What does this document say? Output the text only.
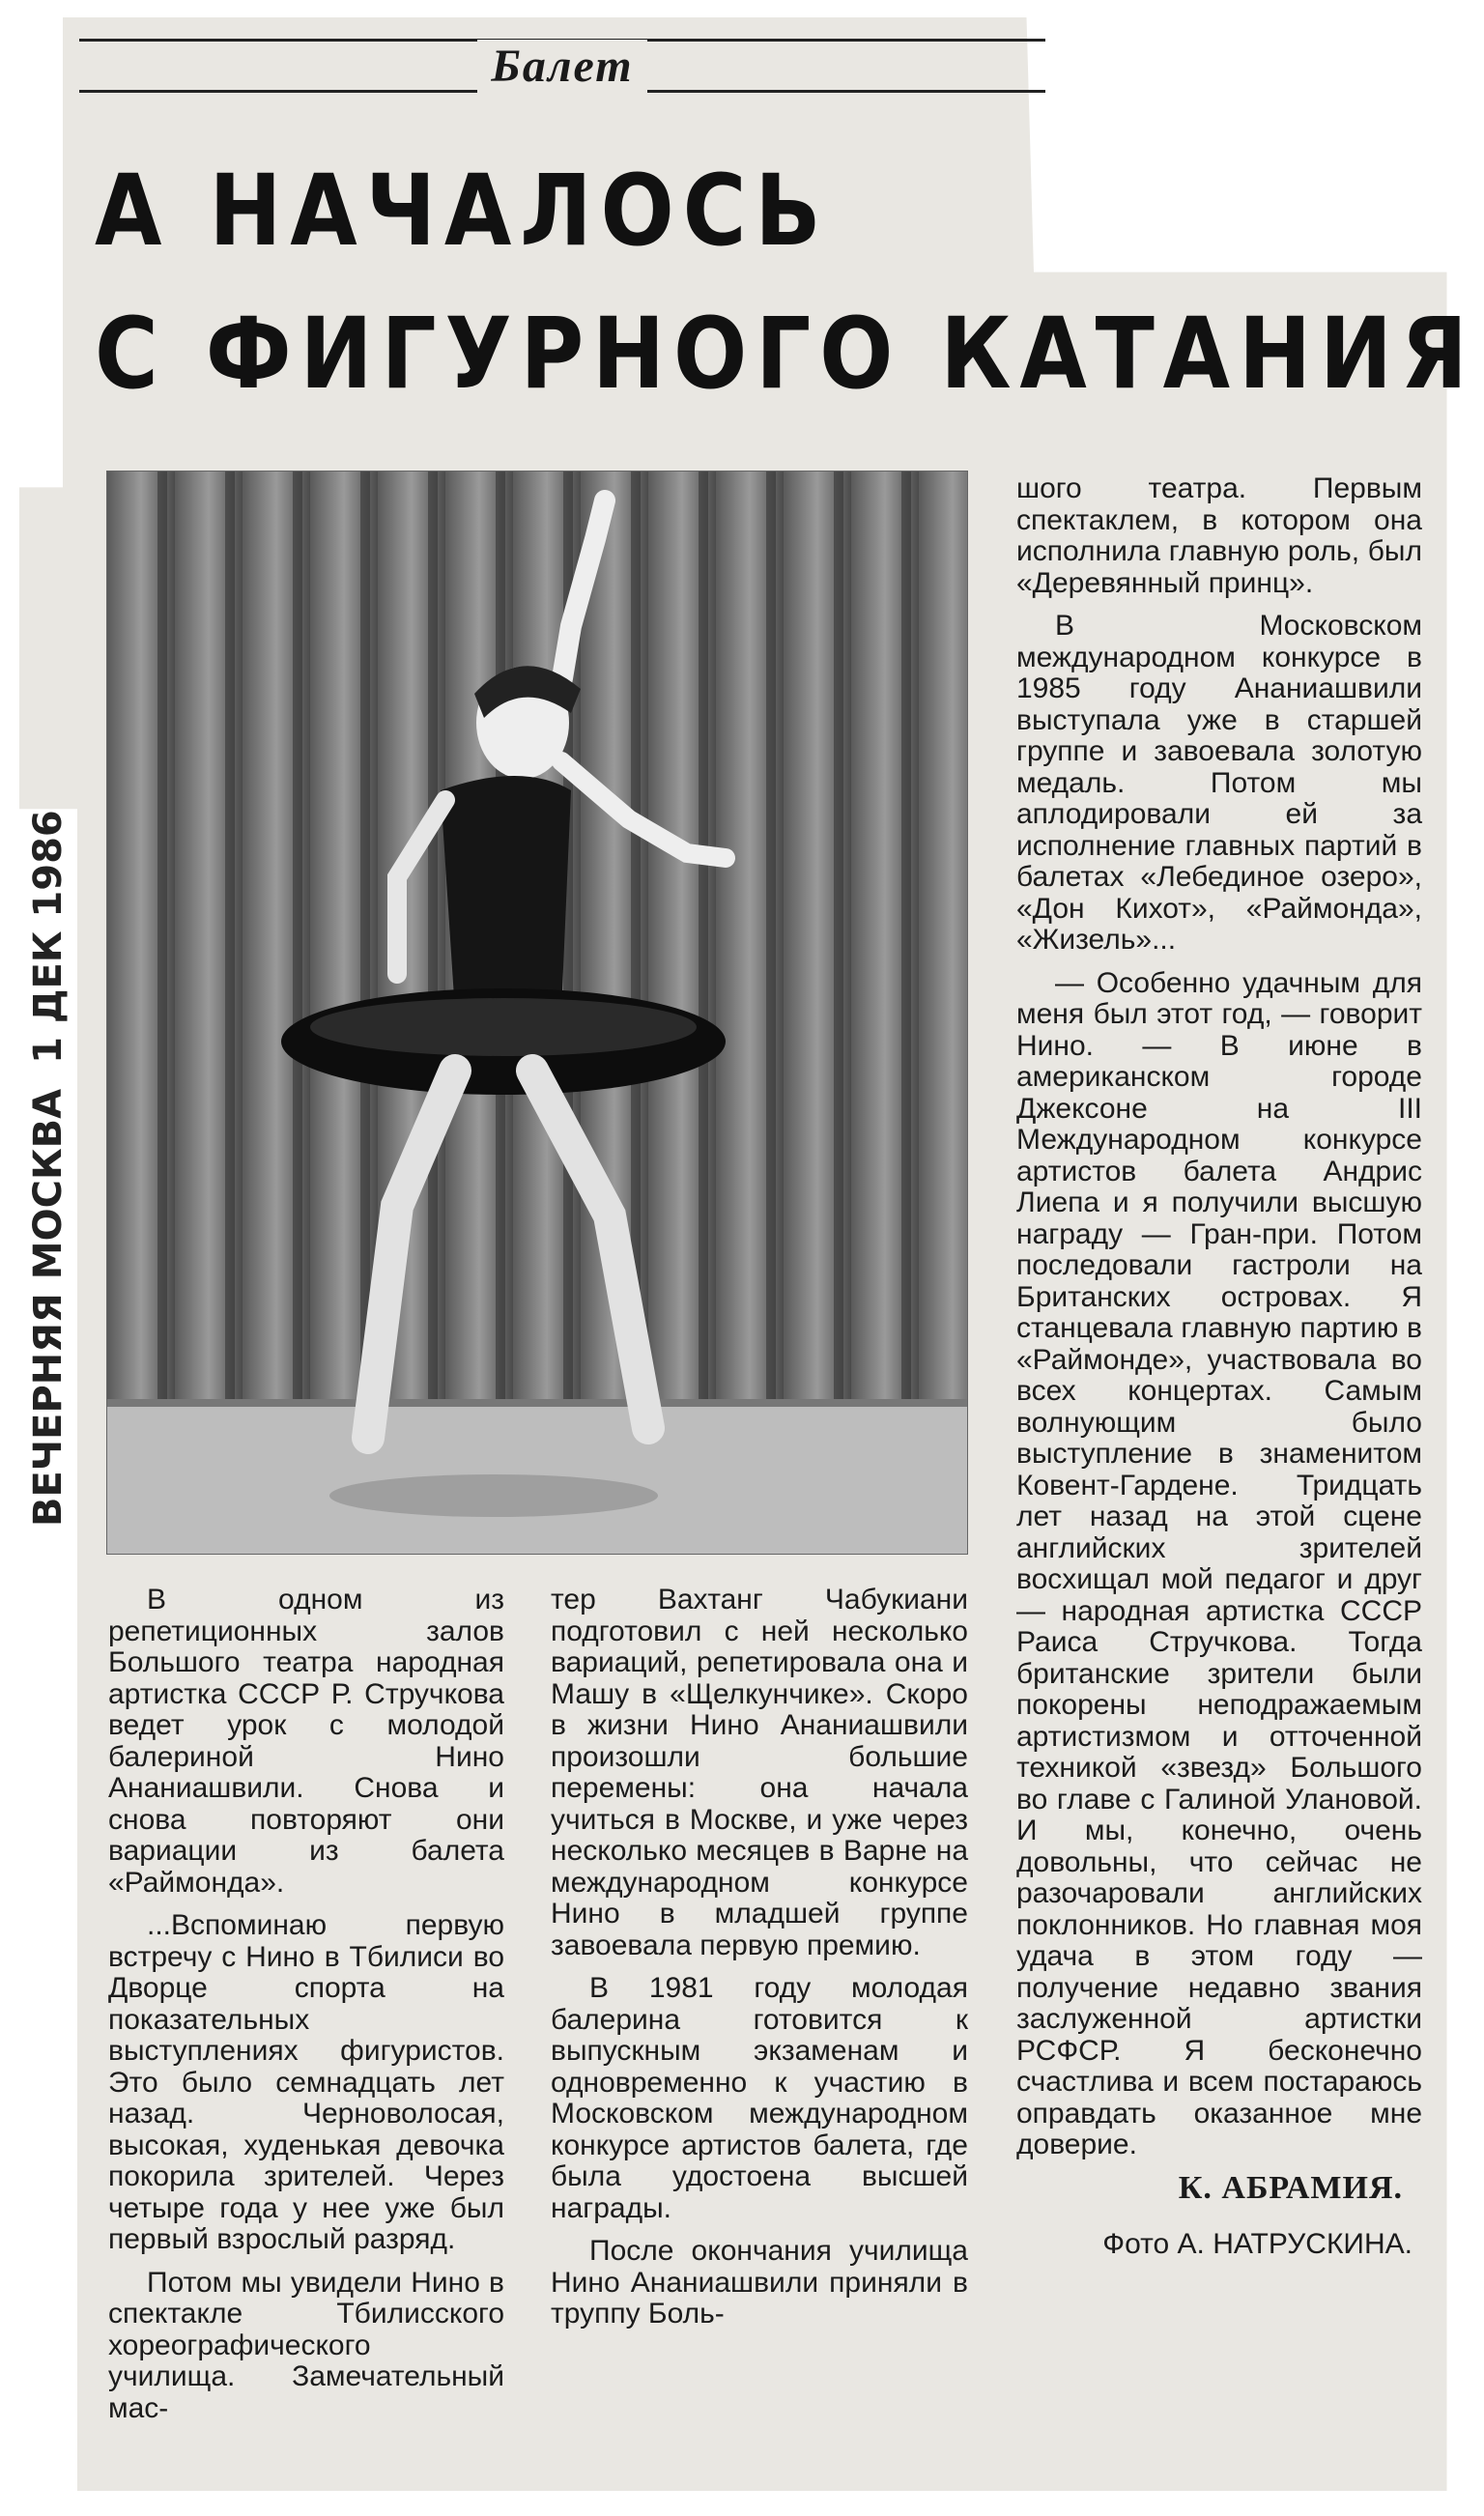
ВЕЧЕРНЯЯ МОСКВА
1 ДЕК 1986
Балет
А НАЧАЛОСЬ
С ФИГУРНОГО КАТАНИЯ

В одном из репетиционных залов Большого театра народная артистка СССР Р. Стручкова ведет урок с молодой балериной Нино Ананиашвили. Снова и снова повторяют они вариации из балета «Раймонда».

...Вспоминаю первую встречу с Нино в Тбилиси во Дворце спорта на показательных выступлениях фигуристов. Это было семнадцать лет назад. Черноволосая, высокая, худенькая девочка покорила зрителей. Через четыре года у нее уже был первый взрослый разряд.

Потом мы увидели Нино в спектакле Тбилисского хореографического училища. Замечательный мас-

тер Вахтанг Чабукиани подготовил с ней несколько вариаций, репетировала она и Машу в «Щелкунчике». Скоро в жизни Нино Ананиашвили произошли большие перемены: она начала учиться в Москве, и уже через несколько месяцев в Варне на международном конкурсе Нино в младшей группе завоевала первую премию.

В 1981 году молодая балерина готовится к выпускным экзаменам и одновременно к участию в Московском международном конкурсе артистов балета, где была удостоена высшей награды.

После окончания училища Нино Ананиашвили приняли в труппу Боль-

шого театра. Первым спектаклем, в котором она исполнила главную роль, был «Деревянный принц».

В Московском международном конкурсе в 1985 году Ананиашвили выступала уже в старшей группе и завоевала золотую медаль. Потом мы аплодировали ей за исполнение главных партий в балетах «Лебединое озеро», «Дон Кихот», «Раймонда», «Жизель»...

— Особенно удачным для меня был этот год, — говорит Нино. — В июне в американском городе Джексоне на III Международном конкурсе артистов балета Андрис Лиепа и я получили высшую награду — Гран-при. Потом последовали гастроли на Британских островах. Я станцевала главную партию в «Раймонде», участвовала во всех концертах. Самым волнующим было выступление в знаменитом Ковент-Гардене. Тридцать лет назад на этой сцене английских зрителей восхищал мой педагог и друг — народная артистка СССР Раиса Стручкова. Тогда британские зрители были покорены неподражаемым артистизмом и отточенной техникой «звезд» Большого во главе с Галиной Улановой. И мы, конечно, очень довольны, что сейчас не разочаровали английских поклонников. Но главная моя удача в этом году — получение недавно звания заслуженной артистки РСФСР. Я бесконечно счастлива и всем постараюсь оправдать оказанное мне доверие.

К. АБРАМИЯ.
Фото А. НАТРУСКИНА.
